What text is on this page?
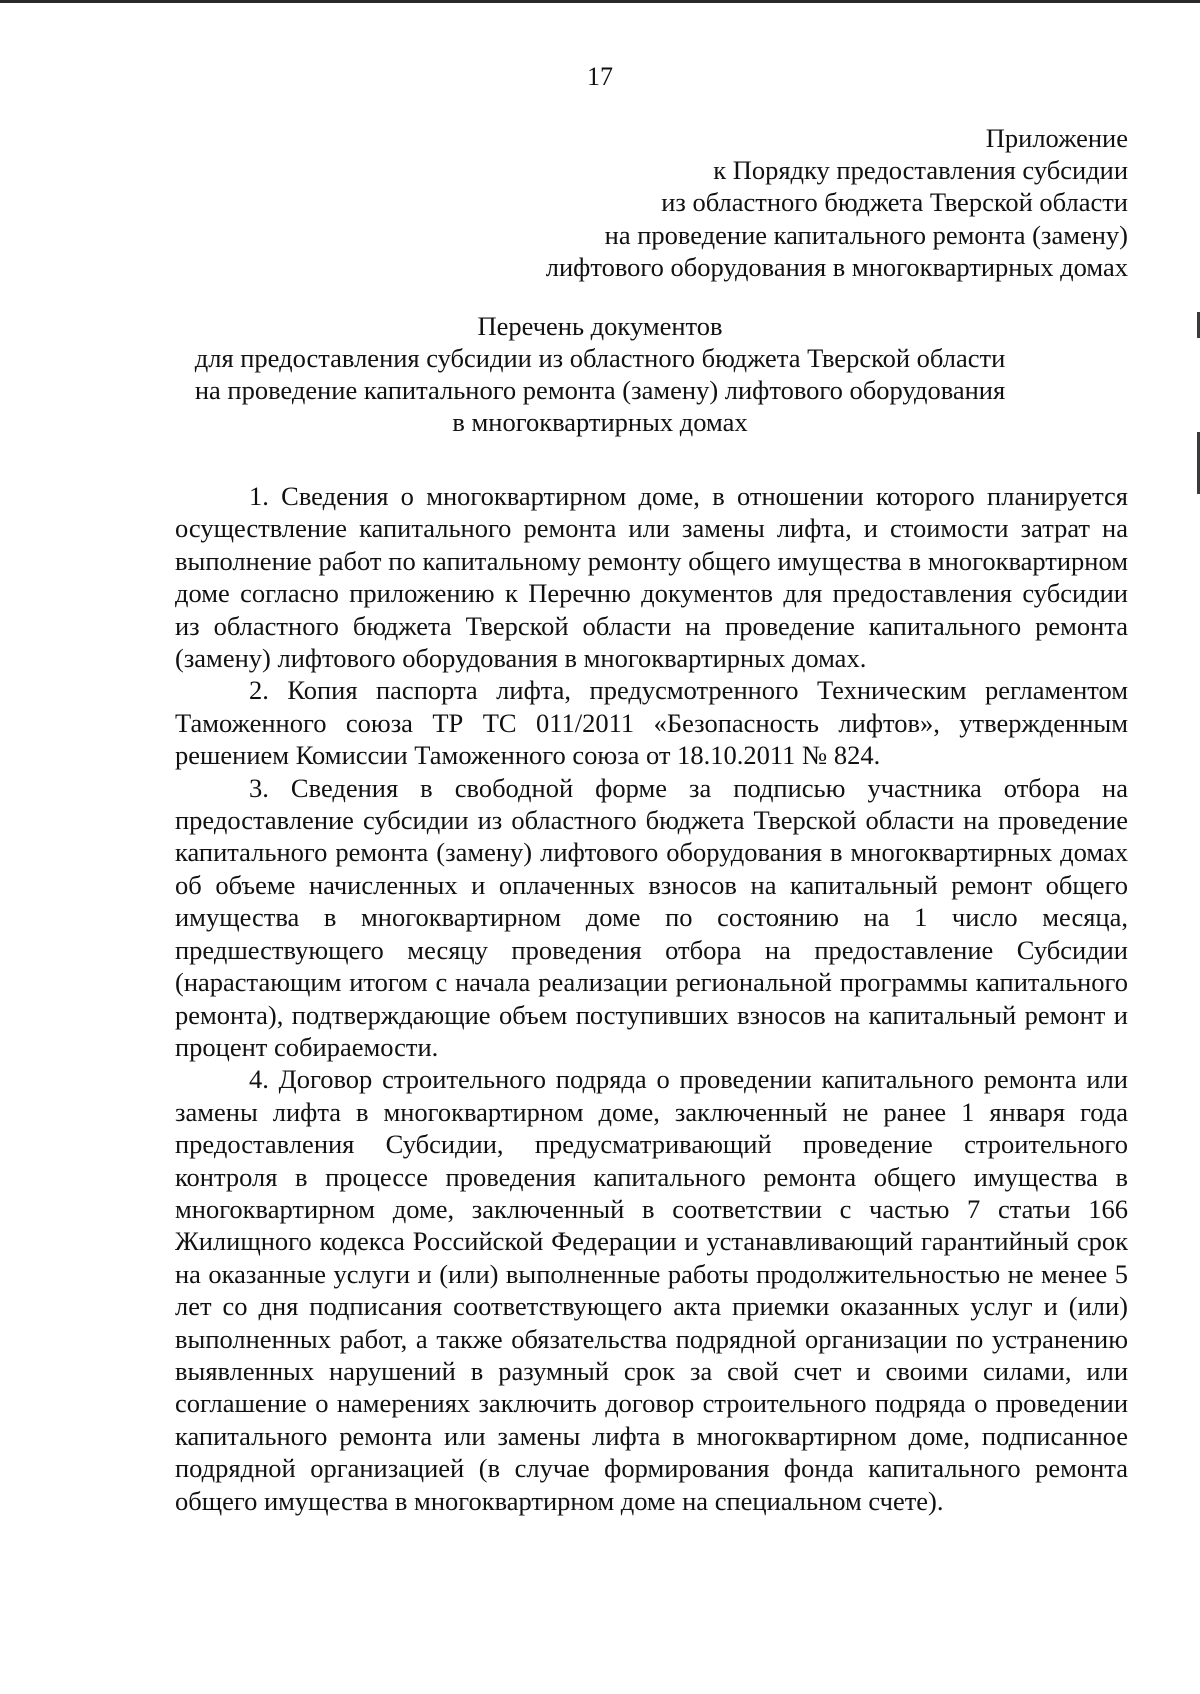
17
Приложение
к Порядку предоставления субсидии
из областного бюджета Тверской области
на проведение капитального ремонта (замену)
лифтового оборудования в многоквартирных домах
Перечень документов
для предоставления субсидии из областного бюджета Тверской области
на проведение капитального ремонта (замену) лифтового оборудования
в многоквартирных домах

1. Сведения о многоквартирном доме, в отношении которого планируется осуществление капитального ремонта или замены лифта, и стоимости затрат на выполнение работ по капитальному ремонту общего имущества в многоквартирном доме согласно приложению к Перечню документов для предоставления субсидии из областного бюджета Тверской области на проведение капитального ремонта (замену) лифтового оборудования в многоквартирных домах.

2. Копия паспорта лифта, предусмотренного Техническим регламентом Таможенного союза ТР ТС 011/2011 «Безопасность лифтов», утвержденным решением Комиссии Таможенного союза от 18.10.2011 № 824.

3. Сведения в свободной форме за подписью участника отбора на предоставление субсидии из областного бюджета Тверской области на проведение капитального ремонта (замену) лифтового оборудования в многоквартирных домах об объеме начисленных и оплаченных взносов на капитальный ремонт общего имущества в многоквартирном доме по состоянию на 1 число месяца, предшествующего месяцу проведения отбора на предоставление Субсидии (нарастающим итогом с начала реализации региональной программы капитального ремонта), подтверждающие объем поступивших взносов на капитальный ремонт и процент собираемости.

4. Договор строительного подряда о проведении капитального ремонта или замены лифта в многоквартирном доме, заключенный не ранее 1 января года предоставления Субсидии, предусматривающий проведение строительного контроля в процессе проведения капитального ремонта общего имущества в многоквартирном доме, заключенный в соответствии с частью 7 статьи 166 Жилищного кодекса Российской Федерации и устанавливающий гарантийный срок на оказанные услуги и (или) выполненные работы продолжительностью не менее 5 лет со дня подписания соответствующего акта приемки оказанных услуг и (или) выполненных работ, а также обязательства подрядной организации по устранению выявленных нарушений в разумный срок за свой счет и своими силами, или соглашение о намерениях заключить договор строительного подряда о проведении капитального ремонта или замены лифта в многоквартирном доме, подписанное подрядной организацией (в случае формирования фонда капитального ремонта общего имущества в многоквартирном доме на специальном счете).
